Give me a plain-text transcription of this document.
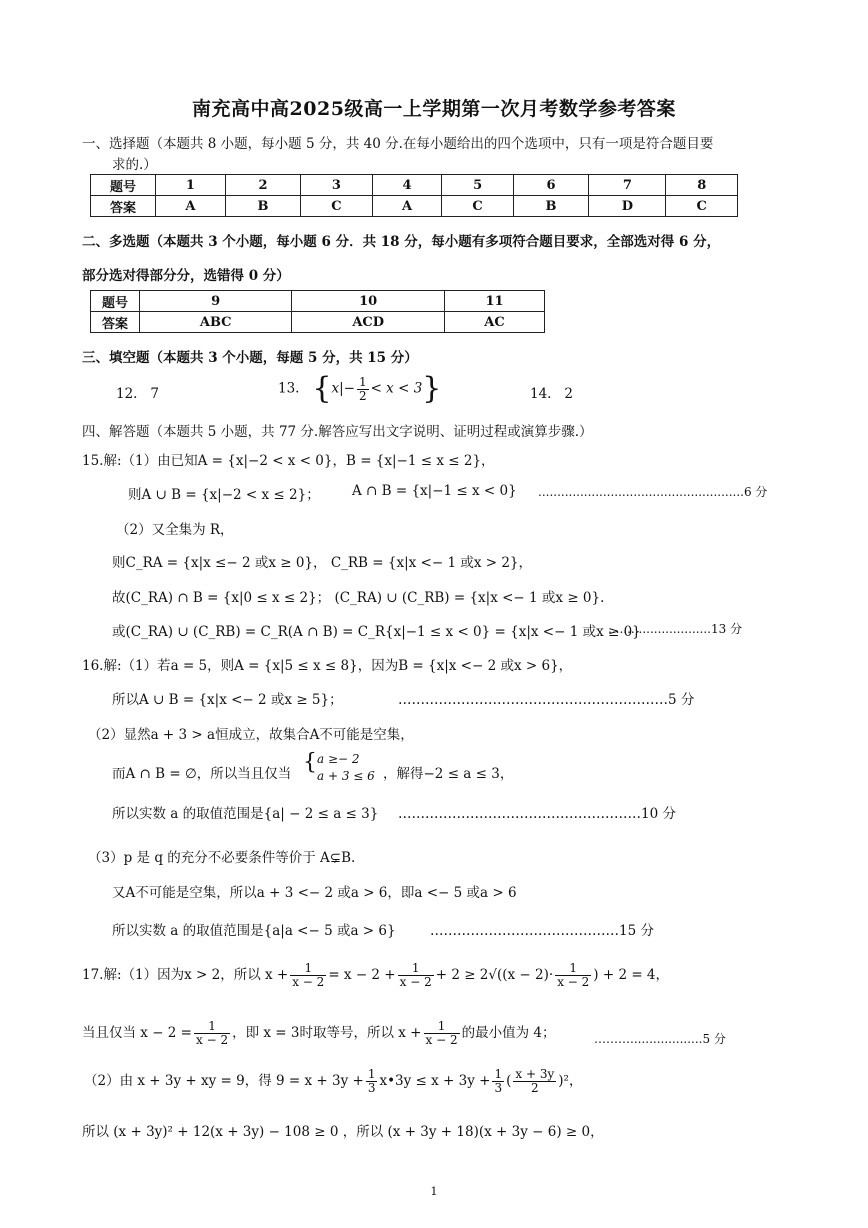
南充高中高2025级高一上学期第一次月考数学参考答案
一、选择题（本题共 8 小题，每小题 5 分，共 40 分.在每小题给出的四个选项中，只有一项是符合题目要
求的.）
题号	1	2	3	4	5	6	7	8
答案	A	B	C	A	C	B	D	C
二、多选题（本题共 3 个小题，每小题 6 分．共 18 分，每小题有多项符合题目要求，全部选对得 6 分，
部分选对得部分分，选错得 0 分）
题号	9	10	11
答案	ABC	ACD	AC
三、填空题（本题共 3 个小题，每题 5 分，共 15 分）
12. 7	13. $\{x|- \frac{1}{2} < x < 3\}$	14. 2
四、解答题（本题共 5 小题，共 77 分.解答应写出文字说明、证明过程或演算步骤.）
15.解:（1）由已知A = {x|−2 < x < 0}，B = {x|−1 ≤ x ≤ 2}，
则A ∪ B = {x|−2 < x ≤ 2}； A ∩ B = {x|−1 ≤ x < 0} ......................................................6 分
（2）又全集为 R，
则C_RA = {x|x ≤− 2 或x ≥ 0}， C_RB = {x|x <− 1 或x > 2}，
故(C_RA) ∩ B = {x|0 ≤ x ≤ 2}； (C_RA) ∪ (C_RB) = {x|x <− 1 或x ≥ 0}.
或(C_RA) ∪ (C_RB) = C_R(A ∩ B) = C_R{x|−1 ≤ x < 0} = {x|x <− 1 或x ≥ 0}
...........................13 分
16.解:（1）若a = 5，则A = {x|5 ≤ x ≤ 8}，因为B = {x|x <− 2 或x > 6}，
所以A ∪ B = {x|x <− 2 或x ≥ 5}；	……………………………………………………5 分
（2）显然a + 3 > a恒成立，故集合A不可能是空集，
而A ∩ B = ∅，所以当且仅当 { a ≥− 2
a + 3 ≤ 6 ，解得−2 ≤ a ≤ 3，
所以实数 a 的取值范围是{a| − 2 ≤ a ≤ 3} ………………………………………………10 分
（3）p 是 q 的充分不必要条件等价于 A⊊B.
又A不可能是空集，所以a + 3 <− 2 或a > 6，即a <− 5 或a > 6
所以实数 a 的取值范围是{a|a <− 5 或a > 6}	……………………………………15 分
17.解:（1）因为x > 2，所以 $x + \frac{1}{x - 2} = x - 2 + \frac{1}{x - 2} + 2 \ge 2√((x - 2)\cdot \frac{1}{x - 2}$ ) + 2 = 4，
当且仅当 $x - 2 = \frac{1}{x - 2}$ ，即 x = 3时取等号，所以 $x + \frac{1}{x - 2}$ 的最小值为 4；	………...................5 分
（2）由 x + 3y + xy = 9，得 $9 = x + 3y + \frac{1}{3}$ x•3y ≤ $x + 3y + \frac{1}{3}$ ( $\frac{x + 3y}{2} )^2$，
所以 (x + 3y)² + 12(x + 3y) − 108 ≥ 0 ，所以 (x + 3y + 18)(x + 3y − 6) ≥ 0，
1
